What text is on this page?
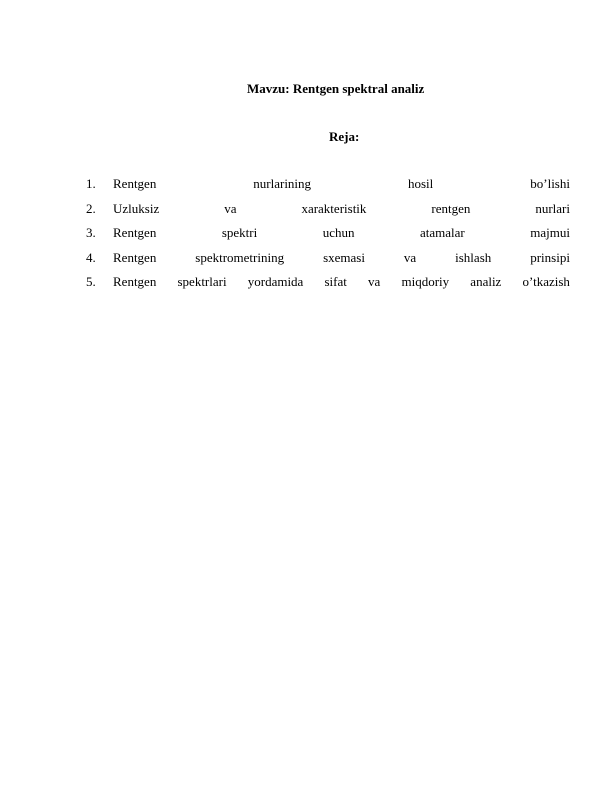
Mavzu: Rentgen spektral analiz
Reja:
1. Rentgen	nurlarining	hosil	bo’lishi
2. Uzluksiz	va	xarakteristik	rentgen	nurlari
3. Rentgen	spektri	uchun	atamalar	majmui
4. Rentgen	spektrometrining	sxemasi	va	ishlash	prinsipi
5. Rentgen spektrlari yordamida sifat va miqdoriy analiz o’tkazish
